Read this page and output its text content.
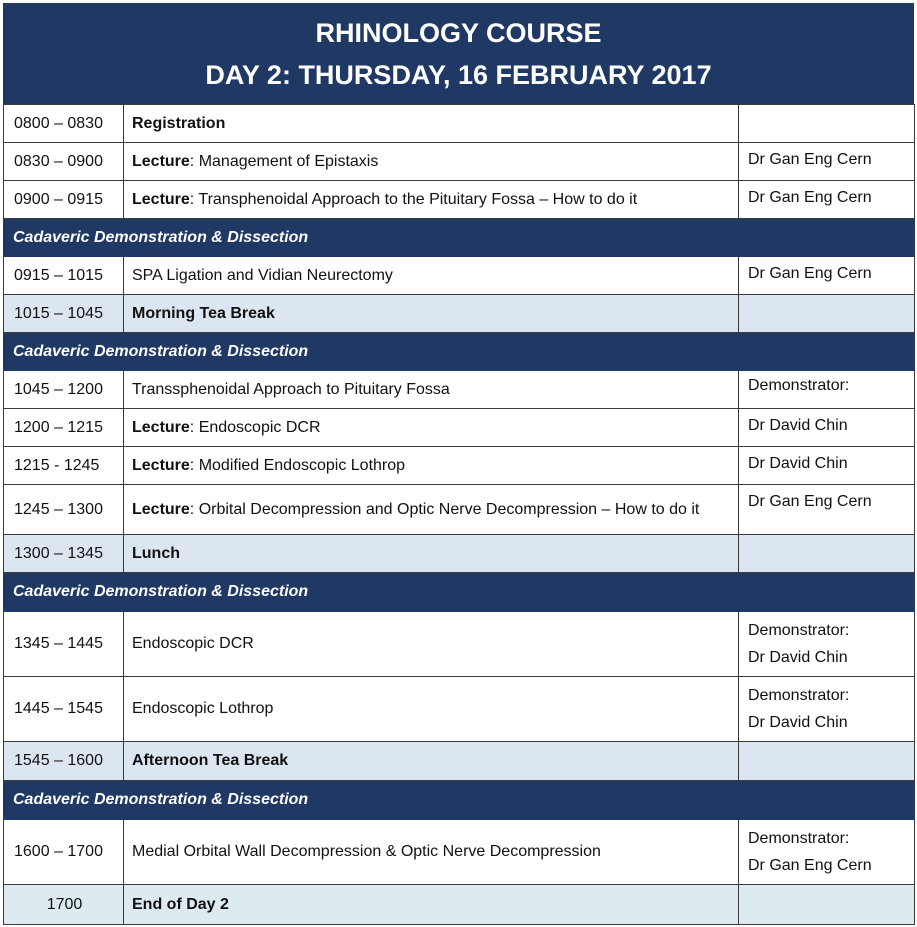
RHINOLOGY COURSE
DAY 2: THURSDAY, 16 FEBRUARY 2017
0800 – 0830	Registration	
0830 – 0900	Lecture: Management of Epistaxis	Dr Gan Eng Cern

0900 – 0915	Lecture: Transphenoidal Approach to the Pituitary Fossa – How to do it	Dr Gan Eng Cern

Cadaveric Demonstration & Dissection		
0915 – 1015	SPA Ligation and Vidian Neurectomy	Dr Gan Eng Cern

1015 – 1045	Morning Tea Break	
Cadaveric Demonstration & Dissection		
1045 – 1200	Transsphenoidal Approach to Pituitary Fossa	Demonstrator:

1200 – 1215	Lecture: Endoscopic DCR	Dr David Chin

1215 - 1245	Lecture: Modified Endoscopic Lothrop	Dr David Chin

1245 – 1300	Lecture: Orbital Decompression and Optic Nerve Decompression – How to do it	Dr Gan Eng Cern

1300 – 1345	Lunch	
Cadaveric Demonstration & Dissection		
1345 – 1445	Endoscopic DCR	Demonstrator:
Dr David Chin

1445 – 1545	Endoscopic Lothrop	Demonstrator:
Dr David Chin

1545 – 1600	Afternoon Tea Break	
Cadaveric Demonstration & Dissection		
1600 – 1700	Medial Orbital Wall Decompression & Optic Nerve Decompression	Demonstrator:
Dr Gan Eng Cern

1700	End of Day 2	
